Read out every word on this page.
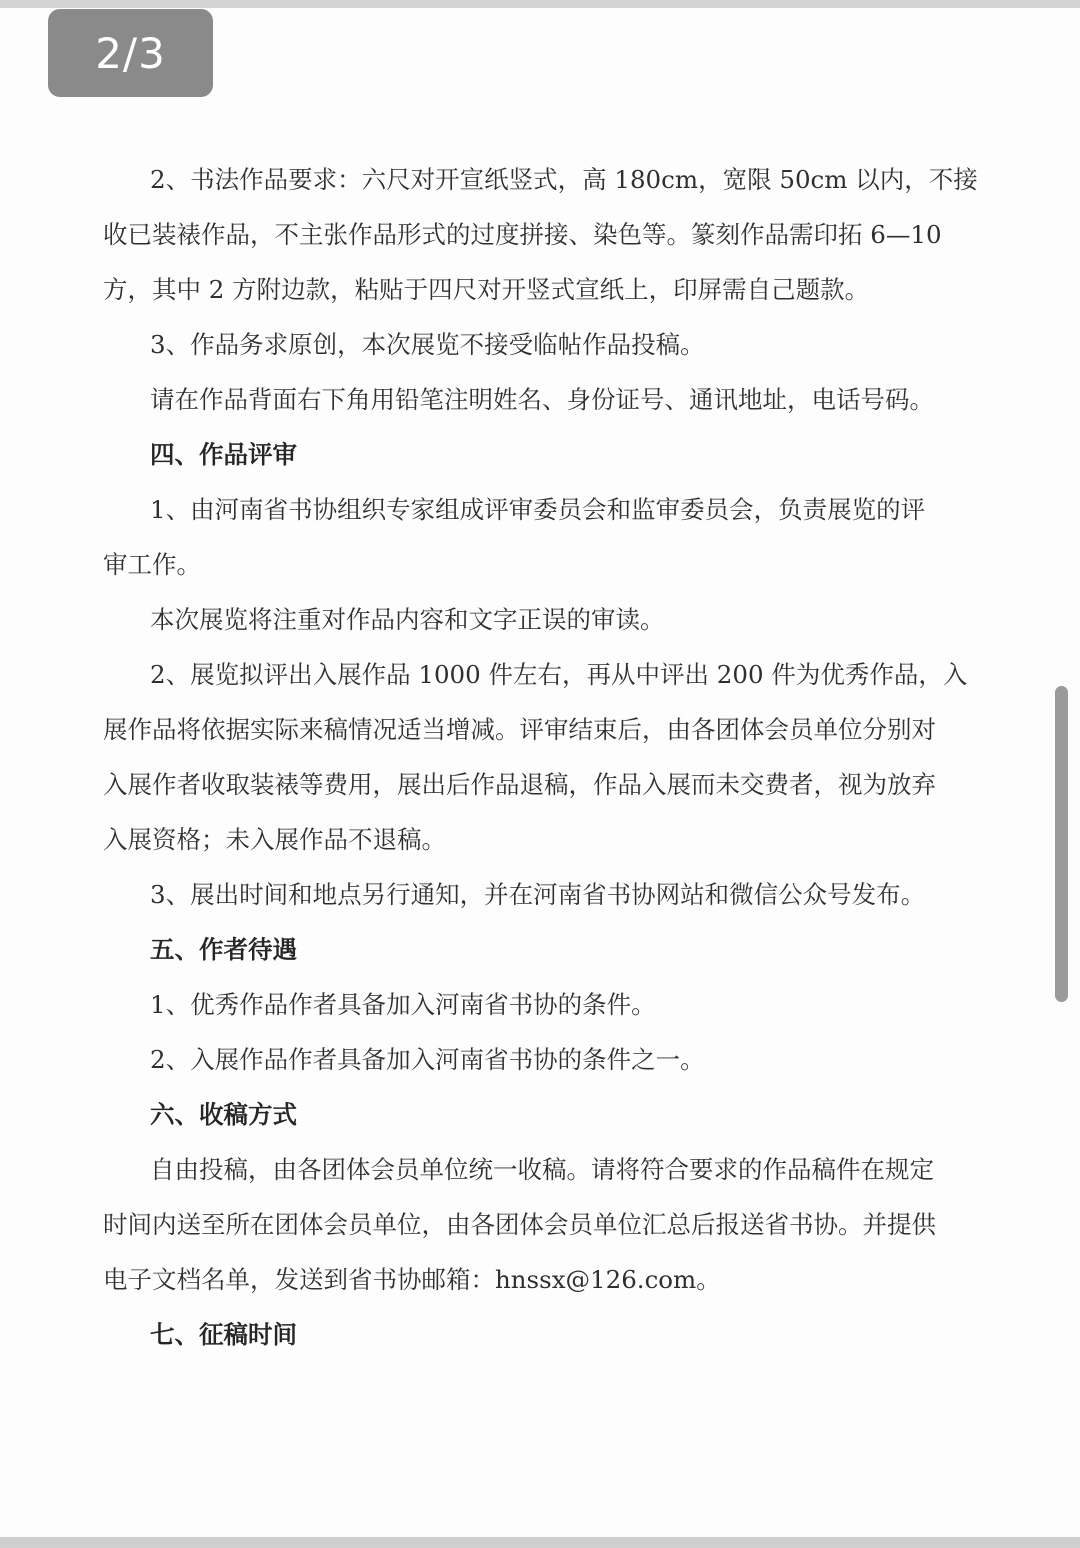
2、书法作品要求：六尺对开宣纸竖式，高 180cm，宽限 50cm 以内，不接
收已装裱作品，不主张作品形式的过度拼接、染色等。篆刻作品需印拓 6—10
方，其中 2 方附边款，粘贴于四尺对开竖式宣纸上，印屏需自己题款。
3、作品务求原创，本次展览不接受临帖作品投稿。
请在作品背面右下角用铅笔注明姓名、身份证号、通讯地址，电话号码。
四、作品评审
1、由河南省书协组织专家组成评审委员会和监审委员会，负责展览的评
审工作。
本次展览将注重对作品内容和文字正误的审读。
2、展览拟评出入展作品 1000 件左右，再从中评出 200 件为优秀作品，入
展作品将依据实际来稿情况适当增减。评审结束后，由各团体会员单位分别对
入展作者收取装裱等费用，展出后作品退稿，作品入展而未交费者，视为放弃
入展资格；未入展作品不退稿。
3、展出时间和地点另行通知，并在河南省书协网站和微信公众号发布。
五、作者待遇
1、优秀作品作者具备加入河南省书协的条件。
2、入展作品作者具备加入河南省书协的条件之一。
六、收稿方式
自由投稿，由各团体会员单位统一收稿。请将符合要求的作品稿件在规定
时间内送至所在团体会员单位，由各团体会员单位汇总后报送省书协。并提供
电子文档名单，发送到省书协邮箱：hnssx@126.com。
七、征稿时间
2/3
